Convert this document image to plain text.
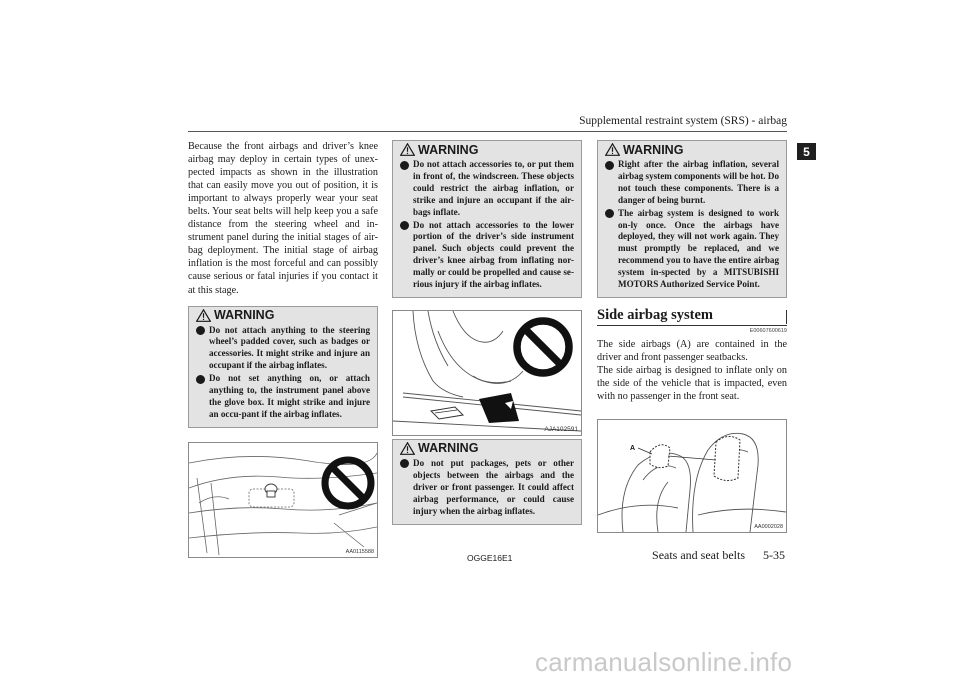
Supplemental restraint system (SRS) - airbag
5

Because the front airbags and driver’s knee airbag may deploy in certain types of unex-pected impacts as shown in the illustration that can easily move you out of position, it is important to always properly wear your seat belts. Your seat belts will help keep you a safe distance from the steering wheel and in-strument panel during the initial stages of air-bag deployment. The initial stage of airbag inflation is the most forceful and can possibly cause serious or fatal injuries if you contact it at this stage.

WARNING
Do not attach anything to the steering wheel’s padded cover, such as badges or accessories. It might strike and injure an occupant if the airbag inflates.
Do not set anything on, or attach anything to, the instrument panel above the glove box. It might strike and injure an occu-pant if the airbag inflates.
AA0115588
WARNING
Do not attach accessories to, or put them in front of, the windscreen. These objects could restrict the airbag inflation, or strike and injure an occupant if the air-bags inflate.
Do not attach accessories to the lower portion of the driver’s side instrument panel. Such objects could prevent the driver’s knee airbag from inflating nor-mally or could be propelled and cause se-rious injury if the airbag inflates.
AJA102591
WARNING
Do not put packages, pets or other objects between the airbags and the driver or front passenger. It could affect airbag performance, or could cause injury when the airbag inflates.
WARNING
Right after the airbag inflation, several airbag system components will be hot. Do not touch these components. There is a danger of being burnt.
The airbag system is designed to work on-ly once. Once the airbags have deployed, they will not work again. They must promptly be replaced, and we recommend you to have the entire airbag system in-spected by a MITSUBISHI MOTORS Authorized Service Point.
Side airbag system
E00607600619

The side airbags (A) are contained in the driver and front passenger seatbacks.

The side airbag is designed to inflate only on the side of the vehicle that is impacted, even with no passenger in the front seat.

A
AA0002028
OGGE16E1	Seats and seat belts 5-35
carmanualsonline.info
